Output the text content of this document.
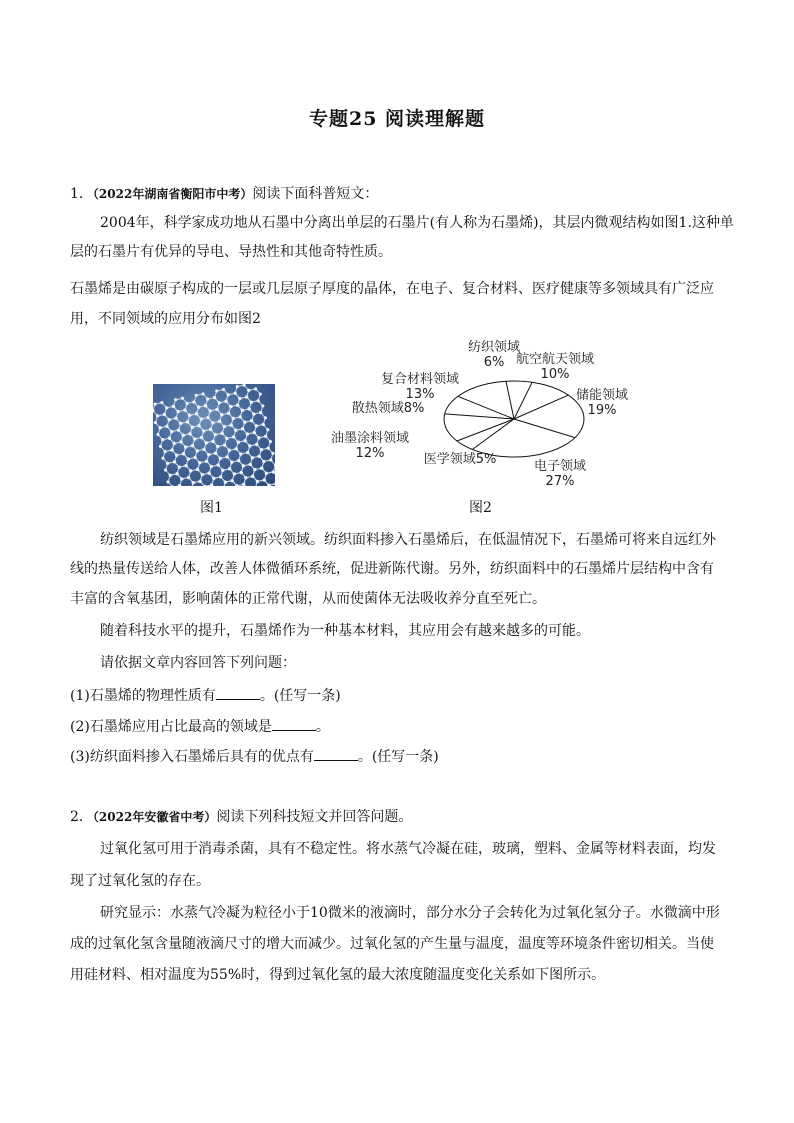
专题25 阅读理解题
1．（2022年湖南省衡阳市中考）阅读下面科普短文：
2004年，科学家成功地从石墨中分离出单层的石墨片(有人称为石墨烯)，其层内微观结构如图1.这种单
层的石墨片有优异的导电、导热性和其他奇特性质。
石墨烯是由碳原子构成的一层或几层原子厚度的晶体，在电子、复合材料、医疗健康等多领域具有广泛应
用，不同领域的应用分布如图2
图1
航空航天领域
10%
储能领域
19%
电子领域
27%
医学领域5%
油墨涂料领域
12%
散热领域8%
复合材料领域
13%
纺织领域
6%
图2
纺织领域是石墨烯应用的新兴领域。纺织面料掺入石墨烯后，在低温情况下，石墨烯可将来自远红外
线的热量传送给人体，改善人体微循环系统，促进新陈代谢。另外，纺织面料中的石墨烯片层结构中含有
丰富的含氧基团，影响菌体的正常代谢，从而使菌体无法吸收养分直至死亡。
随着科技水平的提升，石墨烯作为一种基本材料，其应用会有越来越多的可能。
请依据文章内容回答下列问题：
(1)石墨烯的物理性质有	。(任写一条)
(2)石墨烯应用占比最高的领域是	。
(3)纺织面料掺入石墨烯后具有的优点有	。(任写一条)
2．（2022年安徽省中考）阅读下列科技短文并回答问题。
过氧化氢可用于消毒杀菌，具有不稳定性。将水蒸气冷凝在硅，玻璃，塑料、金属等材料表面，均发
现了过氧化氢的存在。
研究显示：水蒸气冷凝为粒径小于10微米的液滴时，部分水分子会转化为过氧化氢分子。水微滴中形
成的过氧化氢含量随液滴尺寸的增大而减少。过氧化氢的产生量与温度，温度等环境条件密切相关。当使
用硅材料、相对温度为55%时，得到过氧化氢的最大浓度随温度变化关系如下图所示。
